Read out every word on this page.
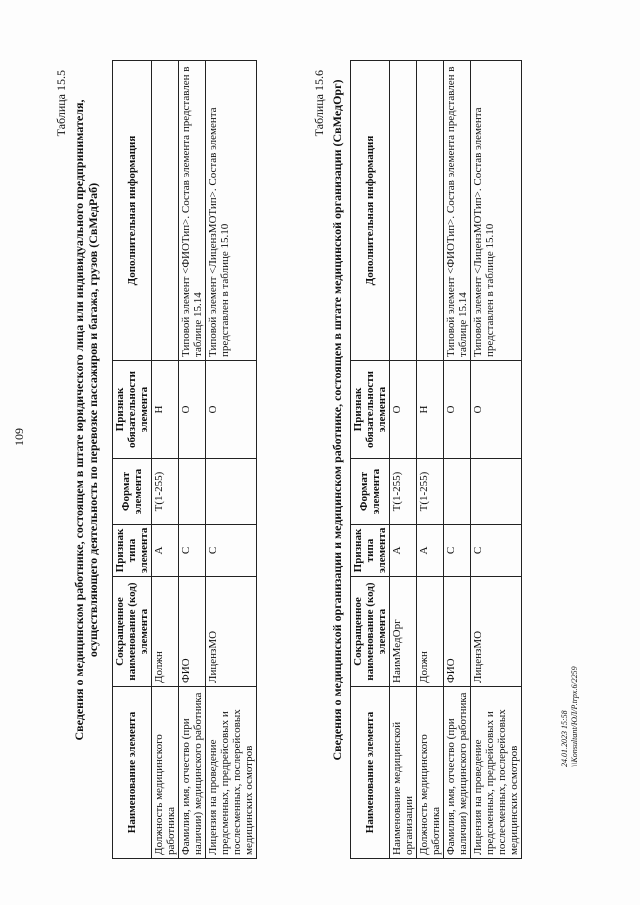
109
Таблица 15.5 Сведения о медицинском работнике, состоящем в штате юридического лица или индивидуального предпринимателя, осуществляющего деятельность по перевозке пассажиров и багажа, грузов (СвМедРаб)
Наименование элемента	Сокращенное наименование (код) элемента	Признак типа элемента	Формат элемента	Признак обязательности элемента	Дополнительная информация
Должность медицинского работника	Должн	А	Т(1-255)	Н	
Фамилия, имя, отчество (при наличии) медицинского работника	ФИО	С		О	Типовой элемент <ФИОТип>. Состав элемента представлен в таблице 15.14
Лицензия на проведение предсменных, предрейсовых и послесменных, послерейсовых медицинских осмотров	ЛицензМО	С		О	Типовой элемент <ЛицензМОТип>. Состав элемента представлен в таблице 15.10
Таблица 15.6 Сведения о медицинской организации и медицинском работнике, состоящем в штате медицинской организации (СвМедОрг)
Наименование элемента	Сокращенное наименование (код) элемента	Признак типа элемента	Формат элемента	Признак обязательности элемента	Дополнительная информация
Наименование медицинской организации	НаимМедОрг	А	Т(1-255)	О	
Должность медицинского работника	Должн	А	Т(1-255)	Н	
Фамилия, имя, отчество (при наличии) медицинского работника	ФИО	С		О	Типовой элемент <ФИОТип>. Состав элемента представлен в таблице 15.14
Лицензия на проведение предсменных, предрейсовых и послесменных, послерейсовых медицинских осмотров	ЛицензМО	С		О	Типовой элемент <ЛицензМОТип>. Состав элемента представлен в таблице 15.10
24.01.2023 15:58 \\Konsultant/ЮЛ/Р.trpx.6/2259
